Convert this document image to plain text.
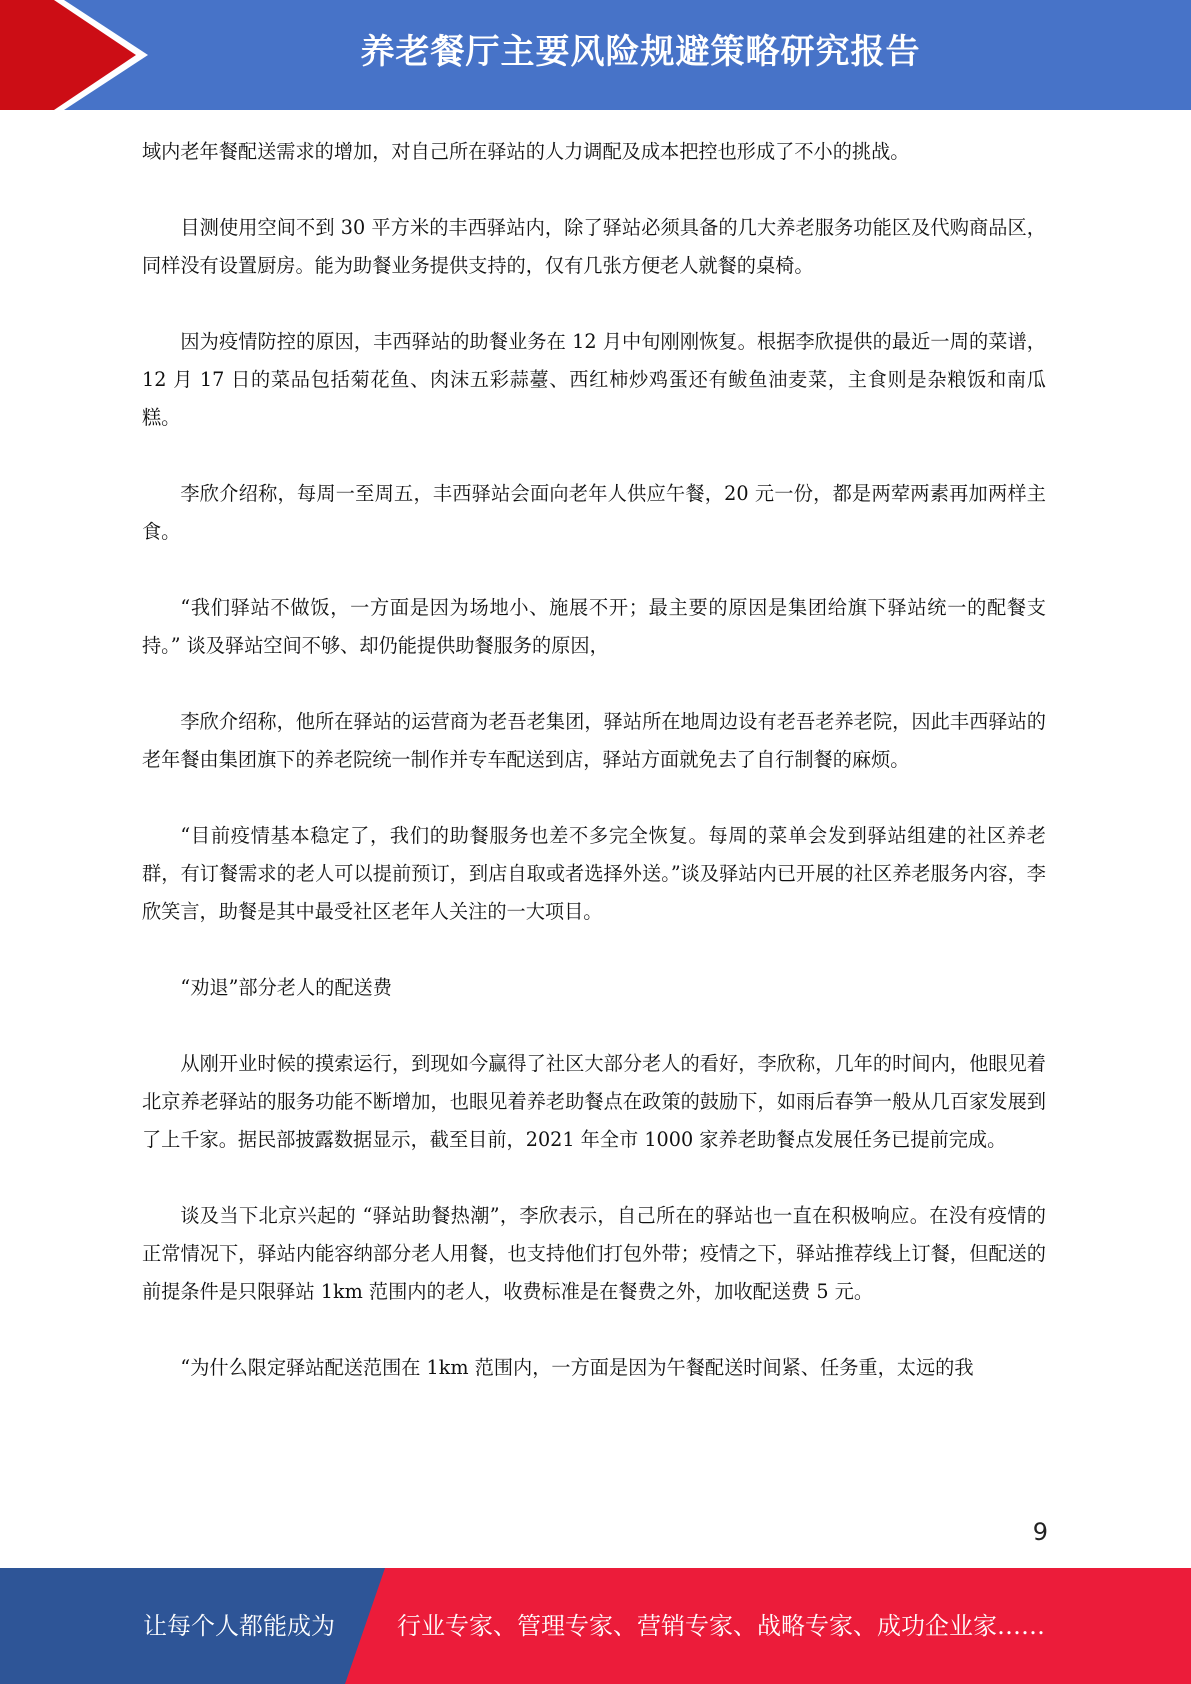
养老餐厅主要风险规避策略研究报告

域内老年餐配送需求的增加，对自己所在驿站的人力调配及成本把控也形成了不小的挑战。

目测使用空间不到 30 平方米的丰西驿站内，除了驿站必须具备的几大养老服务功能区及代购商品区，同样没有设置厨房。能为助餐业务提供支持的，仅有几张方便老人就餐的桌椅。

因为疫情防控的原因，丰西驿站的助餐业务在 12 月中旬刚刚恢复。根据李欣提供的最近一周的菜谱，12 月 17 日的菜品包括菊花鱼、肉沫五彩蒜薹、西红柿炒鸡蛋还有鲅鱼油麦菜，主食则是杂粮饭和南瓜糕。

李欣介绍称，每周一至周五，丰西驿站会面向老年人供应午餐，20 元一份，都是两荤两素再加两样主食。

“我们驿站不做饭，一方面是因为场地小、施展不开；最主要的原因是集团给旗下驿站统一的配餐支持。” 谈及驿站空间不够、却仍能提供助餐服务的原因，

李欣介绍称，他所在驿站的运营商为老吾老集团，驿站所在地周边设有老吾老养老院，因此丰西驿站的老年餐由集团旗下的养老院统一制作并专车配送到店，驿站方面就免去了自行制餐的麻烦。

“目前疫情基本稳定了，我们的助餐服务也差不多完全恢复。每周的菜单会发到驿站组建的社区养老群，有订餐需求的老人可以提前预订，到店自取或者选择外送。”谈及驿站内已开展的社区养老服务内容，李欣笑言，助餐是其中最受社区老年人关注的一大项目。

“劝退”部分老人的配送费

从刚开业时候的摸索运行，到现如今赢得了社区大部分老人的看好，李欣称，几年的时间内，他眼见着北京养老驿站的服务功能不断增加，也眼见着养老助餐点在政策的鼓励下，如雨后春笋一般从几百家发展到了上千家。据民部披露数据显示，截至目前，2021 年全市 1000 家养老助餐点发展任务已提前完成。

谈及当下北京兴起的 “驿站助餐热潮”，李欣表示，自己所在的驿站也一直在积极响应。在没有疫情的正常情况下，驿站内能容纳部分老人用餐，也支持他们打包外带；疫情之下，驿站推荐线上订餐，但配送的前提条件是只限驿站 1km 范围内的老人，收费标准是在餐费之外，加收配送费 5 元。

“为什么限定驿站配送范围在 1km 范围内，一方面是因为午餐配送时间紧、任务重，太远的我

9
让每个人都能成为	行业专家、管理专家、营销专家、战略专家、成功企业家……
